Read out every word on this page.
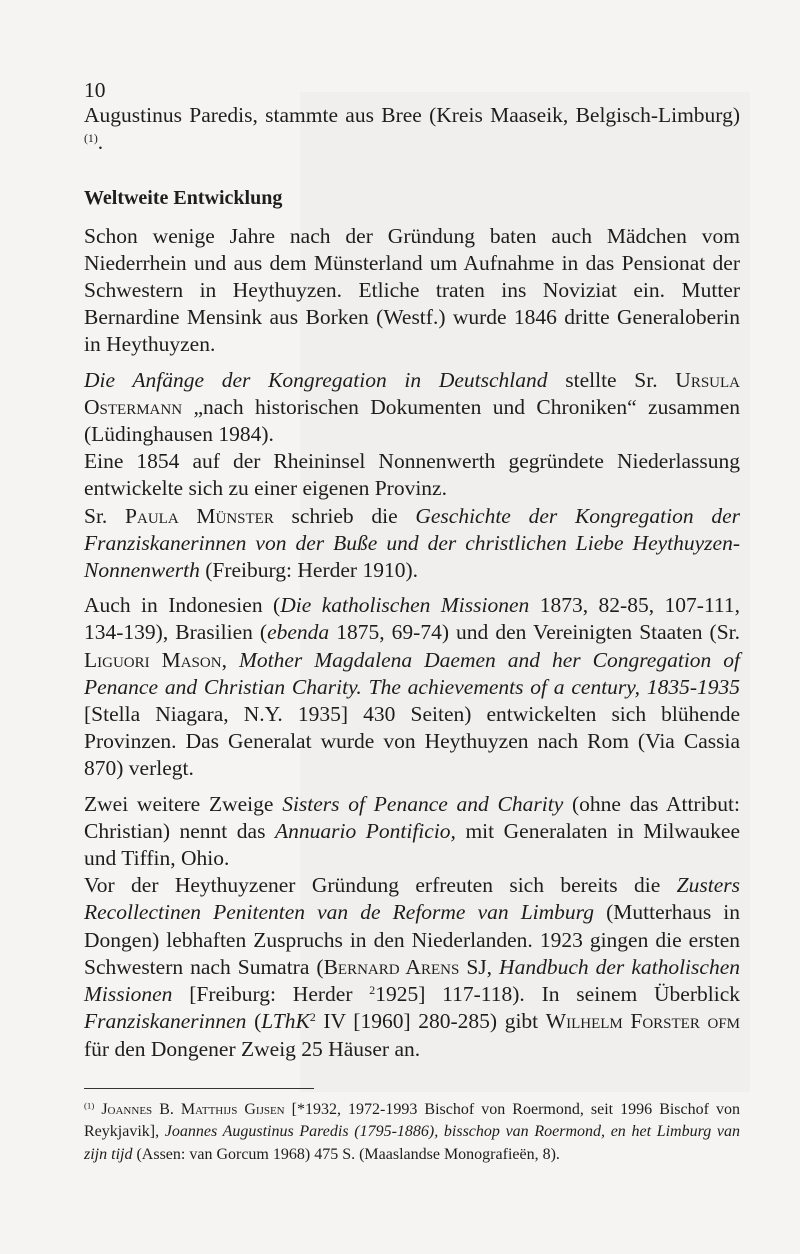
10

Augustinus Paredis, stammte aus Bree (Kreis Maaseik, Belgisch-Limburg) $^{(1)}$.

Weltweite Entwicklung

Schon wenige Jahre nach der Gründung baten auch Mädchen vom Niederrhein und aus dem Münsterland um Aufnahme in das Pensionat der Schwestern in Heythuyzen. Etliche traten ins Noviziat ein. Mutter Bernardine Mensink aus Borken (Westf.) wurde 1846 dritte Generaloberin in Heythuyzen.

Die Anfänge der Kongregation in Deutschland stellte Sr. Ursula Ostermann „nach historischen Dokumenten und Chroniken“ zusammen (Lüdinghausen 1984).

Eine 1854 auf der Rheininsel Nonnenwerth gegründete Niederlassung entwickelte sich zu einer eigenen Provinz.

Sr. Paula Münster schrieb die Geschichte der Kongregation der Franziskanerinnen von der Buße und der christlichen Liebe Heythuyzen-Nonnenwerth (Freiburg: Herder 1910).

Auch in Indonesien (Die katholischen Missionen 1873, 82-85, 107-111, 134-139), Brasilien (ebenda 1875, 69-74) und den Vereinigten Staaten (Sr. Liguori Mason, Mother Magdalena Daemen and her Congregation of Penance and Christian Charity. The achievements of a century, 1835-1935 [Stella Niagara, N.Y. 1935] 430 Seiten) entwickelten sich blühende Provinzen. Das Generalat wurde von Heythuyzen nach Rom (Via Cassia 870) verlegt.

Zwei weitere Zweige Sisters of Penance and Charity (ohne das Attribut: Christian) nennt das Annuario Pontificio, mit Generalaten in Milwaukee und Tiffin, Ohio.

Vor der Heythuyzener Gründung erfreuten sich bereits die Zusters Recollectinen Penitenten van de Reforme van Limburg (Mutterhaus in Dongen) lebhaften Zuspruchs in den Niederlanden. 1923 gingen die ersten Schwestern nach Sumatra (Bernard Arens SJ, Handbuch der katholischen Missionen [Freiburg: Herder $^2$1925] 117-118). In seinem Überblick Franziskanerinnen (LThK$^2$ IV [1960] 280-285) gibt Wilhelm Forster ofm für den Dongener Zweig 25 Häuser an.

$^{(1)}$ Joannes B. Matthijs Gijsen [*1932, 1972-1993 Bischof von Roermond, seit 1996 Bischof von Reykjavik], Joannes Augustinus Paredis (1795-1886), bisschop van Roermond, en het Limburg van zijn tijd (Assen: van Gorcum 1968) 475 S. (Maaslandse Monografieën, 8).
